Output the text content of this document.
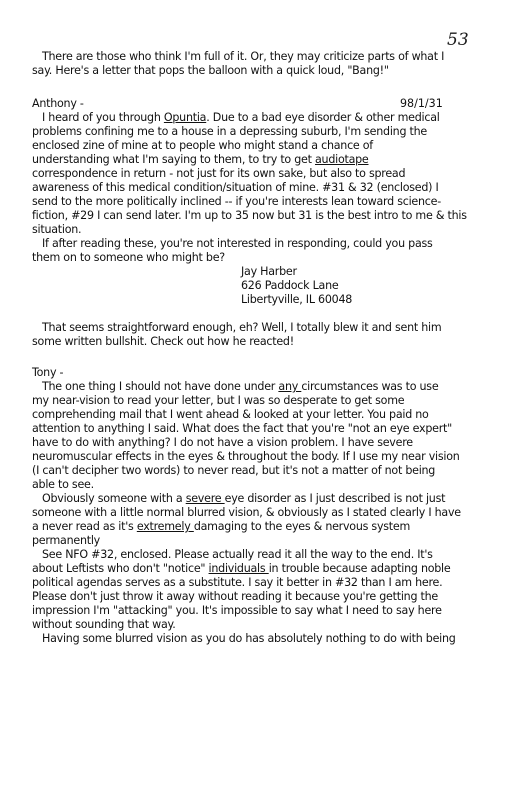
53
There are those who think I'm full of it. Or, they may criticize parts of what I
say. Here's a letter that pops the balloon with a quick loud, "Bang!"
Anthony -	98/1/31
I heard of you through Opuntia. Due to a bad eye disorder & other medical
problems confining me to a house in a depressing suburb, I'm sending the
enclosed zine of mine at to people who might stand a chance of
understanding what I'm saying to them, to try to get audiotape
correspondence in return - not just for its own sake, but also to spread
awareness of this medical condition/situation of mine. #31 & 32 (enclosed) I
send to the more politically inclined -- if you're interests lean toward science-
fiction, #29 I can send later. I'm up to 35 now but 31 is the best intro to me & this
situation.
If after reading these, you're not interested in responding, could you pass
them on to someone who might be?
Jay Harber
626 Paddock Lane
Libertyville, IL 60048
That seems straightforward enough, eh? Well, I totally blew it and sent him
some written bullshit. Check out how he reacted!
Tony -
The one thing I should not have done under any circumstances was to use
my near-vision to read your letter, but I was so desperate to get some
comprehending mail that I went ahead & looked at your letter. You paid no
attention to anything I said. What does the fact that you're "not an eye expert"
have to do with anything? I do not have a vision problem. I have severe
neuromuscular effects in the eyes & throughout the body. If I use my near vision
(I can't decipher two words) to never read, but it's not a matter of not being
able to see.
Obviously someone with a severe eye disorder as I just described is not just
someone with a little normal blurred vision, & obviously as I stated clearly I have
a never read as it's extremely damaging to the eyes & nervous system
permanently
See NFO #32, enclosed. Please actually read it all the way to the end. It's
about Leftists who don't "notice" individuals in trouble because adapting noble
political agendas serves as a substitute. I say it better in #32 than I am here.
Please don't just throw it away without reading it because you're getting the
impression I'm "attacking" you. It's impossible to say what I need to say here
without sounding that way.
Having some blurred vision as you do has absolutely nothing to do with being
